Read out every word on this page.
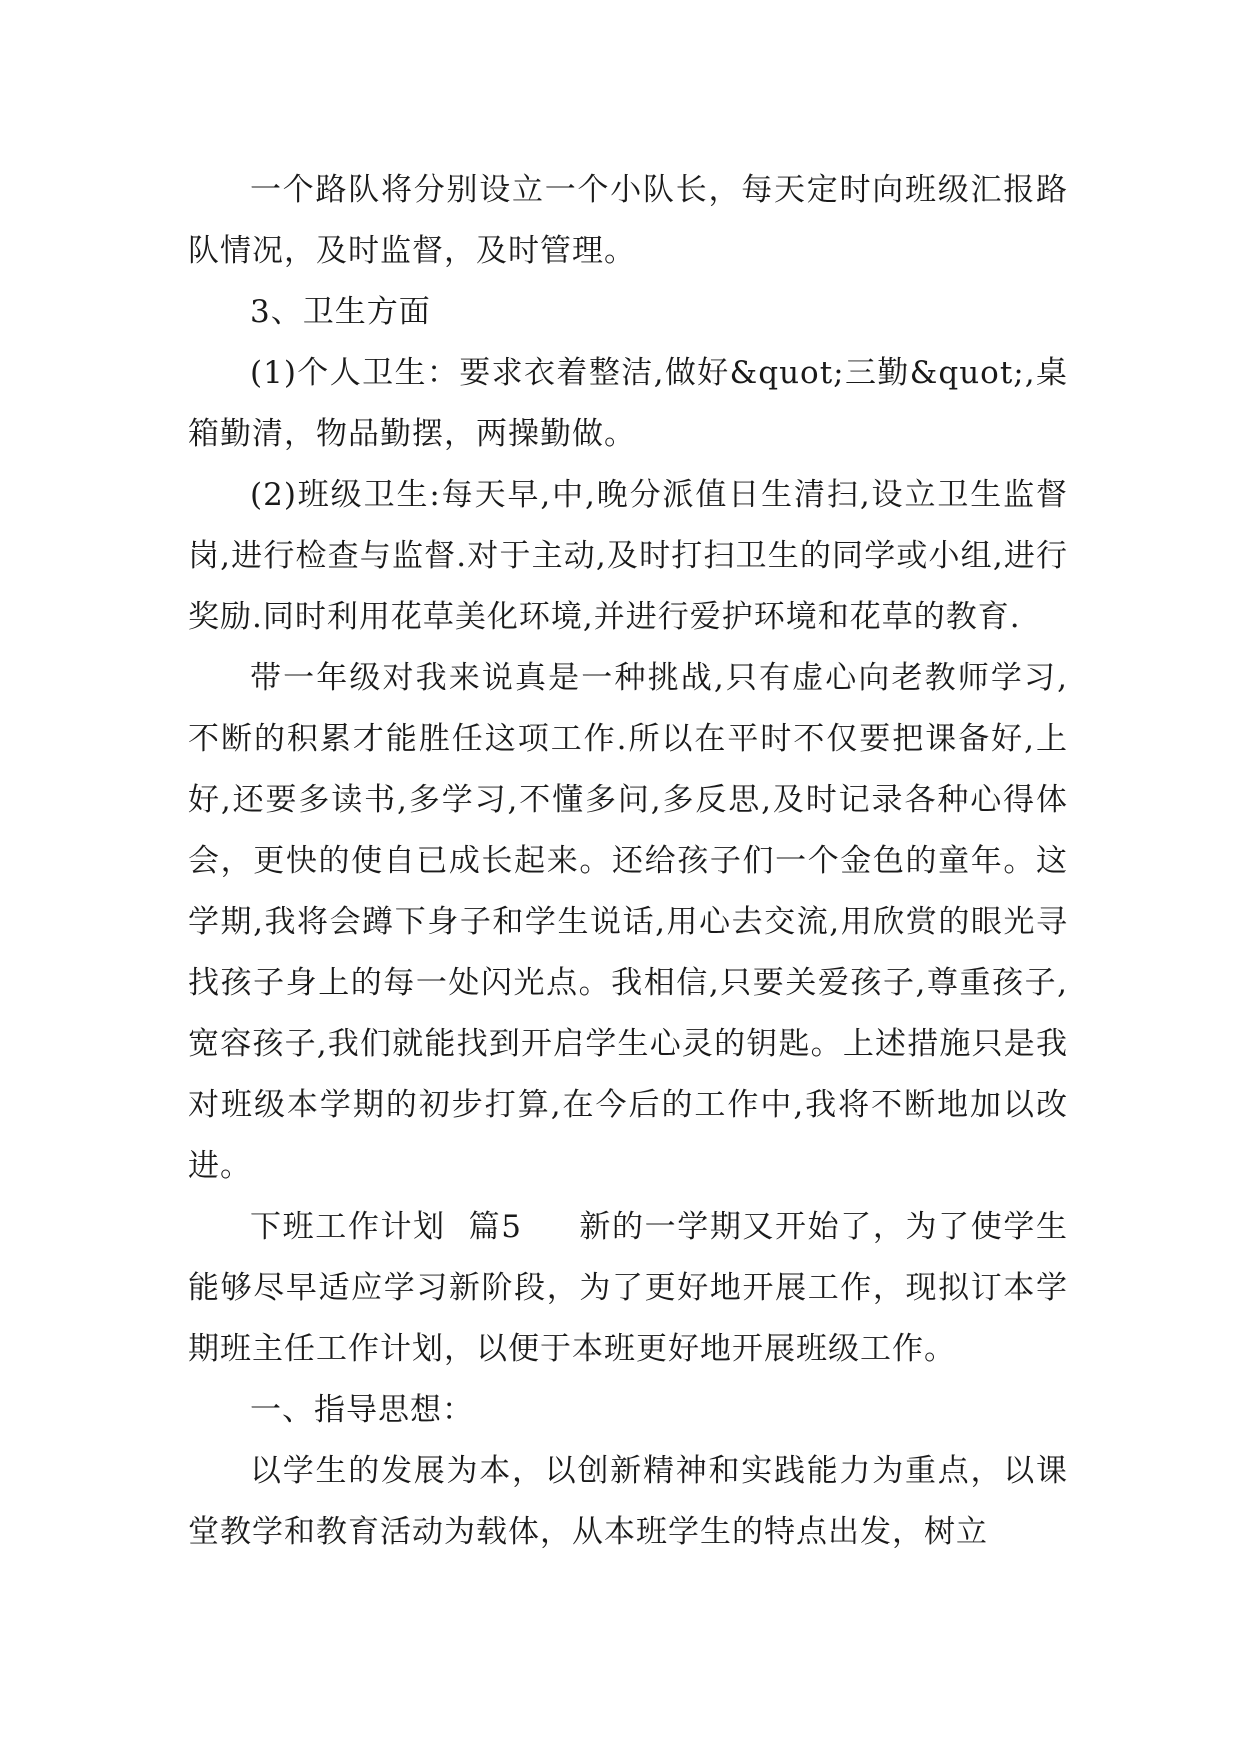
一个路队将分别设立一个小队长，每天定时向班级汇报路队情况，及时监督，及时管理。

3、卫生方面

(1)个人卫生：要求衣着整洁,做好&quot;三勤&quot;,桌箱勤清，物品勤摆，两操勤做。

(2)班级卫生:每天早,中,晚分派值日生清扫,设立卫生监督岗,进行检查与监督.对于主动,及时打扫卫生的同学或小组,进行奖励.同时利用花草美化环境,并进行爱护环境和花草的教育.

带一年级对我来说真是一种挑战,只有虚心向老教师学习,不断的积累才能胜任这项工作.所以在平时不仅要把课备好,上好,还要多读书,多学习,不懂多问,多反思,及时记录各种心得体会，更快的使自已成长起来。还给孩子们一个金色的童年。这学期,我将会蹲下身子和学生说话,用心去交流,用欣赏的眼光寻找孩子身上的每一处闪光点。我相信,只要关爱孩子,尊重孩子,宽容孩子,我们就能找到开启学生心灵的钥匙。上述措施只是我对班级本学期的初步打算,在今后的工作中,我将不断地加以改进。

下班工作计划  篇5     新的一学期又开始了，为了使学生能够尽早适应学习新阶段，为了更好地开展工作，现拟订本学期班主任工作计划，以便于本班更好地开展班级工作。

一、指导思想：

以学生的发展为本，以创新精神和实践能力为重点，以课堂教学和教育活动为载体，从本班学生的特点出发，树立
